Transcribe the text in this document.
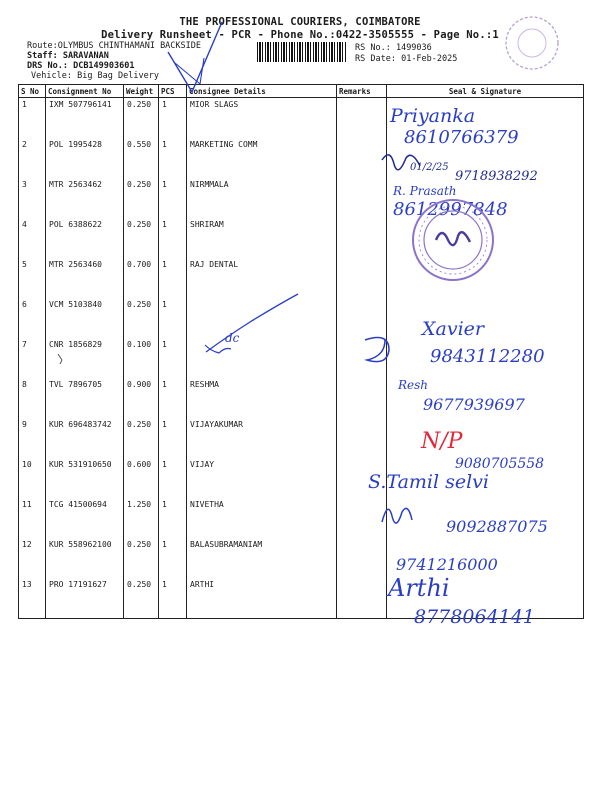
THE PROFESSIONAL COURIERS, COIMBATORE
Delivery Runsheet - PCR - Phone No.:0422-3505555 - Page No.:1
Route:OLYMBUS CHINTHAMANI BACKSIDE
Staff: SARAVANAN
DRS No.: DCB149903601
Vehicle: Big Bag Delivery
RS No.: 1499036
RS Date: 01-Feb-2025
S No	Consignment No	Weight	PCS	Consignee Details	Remarks	Seal & Signature
1	IXM 507796141	0.250	1	MIOR SLAGS		
2	POL 1995428	0.550	1	MARKETING COMM		
3	MTR 2563462	0.250	1	NIRMMALA		
4	POL 6388622	0.250	1	SHRIRAM		
5	MTR 2563460	0.700	1	RAJ DENTAL		
6	VCM 5103840	0.250	1			
7	CNR 1856829	0.100	1			
8	TVL 7896705	0.900	1	RESHMA		
9	KUR 696483742	0.250	1	VIJAYAKUMAR		
10	KUR 531910650	0.600	1	VIJAY		
11	TCG 41500694	1.250	1	NIVETHA		
12	KUR 558962100	0.250	1	BALASUBRAMANIAM		
13	PRO 17191627	0.250	1	ARTHI		
Priyanka
8610766379
01/2/25
9718938292
R. Prasath
8612997848
dc	Xavier
9843112280
Resh
9677939697
N/P
9080705558
S.Tamil selvi
9092887075
9741216000
Arthi
8778064141
